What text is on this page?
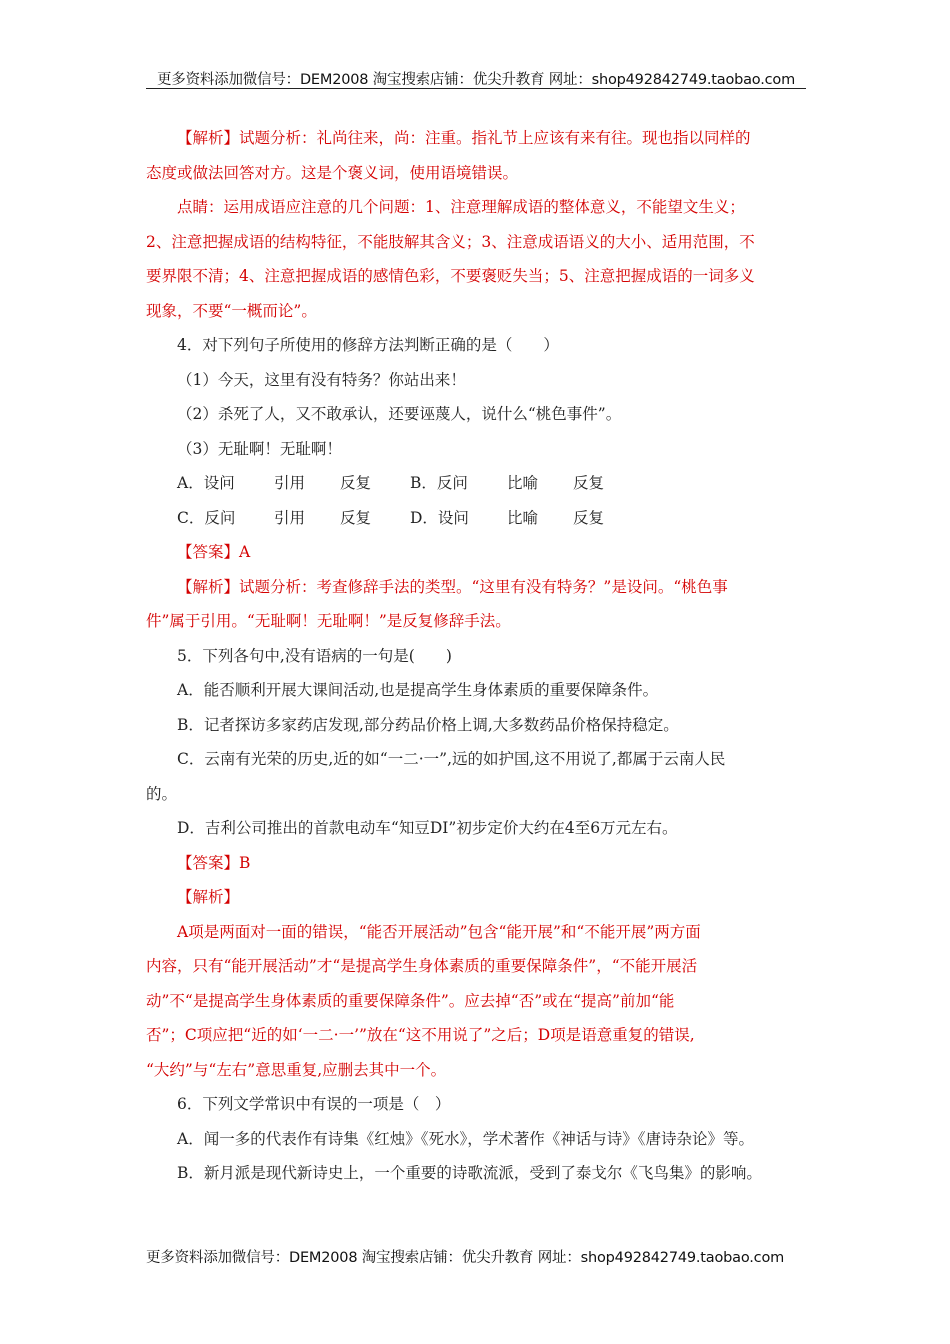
更多资料添加微信号：DEM2008 淘宝搜索店铺：优尖升教育 网址：shop492842749.taobao.com
【解析】试题分析：礼尚往来，尚：注重。指礼节上应该有来有往。现也指以同样的
态度或做法回答对方。这是个褒义词，使用语境错误。
点睛：运用成语应注意的几个问题：1、注意理解成语的整体意义，不能望文生义；
2、注意把握成语的结构特征，不能肢解其含义；3、注意成语语义的大小、适用范围，不
要界限不清；4、注意把握成语的感情色彩，不要褒贬失当；5、注意把握成语的一词多义
现象，不要“一概而论”。
4．对下列句子所使用的修辞方法判断正确的是（　　）
（1）今天，这里有没有特务？你站出来！
（2）杀死了人，又不敢承认，还要诬蔑人，说什么“桃色事件”。
（3）无耻啊！无耻啊！
A．设问	引用 反复	B．反问	比喻 反复
C．反问 引用 反复	D．设问 比喻 反复
【答案】A
【解析】试题分析：考查修辞手法的类型。“这里有没有特务？”是设问。“桃色事
件”属于引用。“无耻啊！无耻啊！”是反复修辞手法。
5．下列各句中,没有语病的一句是(　　)
A．能否顺利开展大课间活动,也是提高学生身体素质的重要保障条件。
B．记者探访多家药店发现,部分药品价格上调,大多数药品价格保持稳定。
C．云南有光荣的历史,近的如“一二·一”,远的如护国,这不用说了,都属于云南人民
的。
D．吉利公司推出的首款电动车“知豆DI”初步定价大约在4至6万元左右。
【答案】B
【解析】
A项是两面对一面的错误，“能否开展活动”包含“能开展”和“不能开展”两方面
内容，只有“能开展活动”才“是提高学生身体素质的重要保障条件”，“不能开展活
动”不“是提高学生身体素质的重要保障条件”。应去掉“否”或在“提高”前加“能
否”；C项应把“近的如‘一二·一’”放在“这不用说了”之后；D项是语意重复的错误,
“大约”与“左右”意思重复,应删去其中一个。
6．下列文学常识中有误的一项是（　）
A．闻一多的代表作有诗集《红烛》《死水》，学术著作《神话与诗》《唐诗杂论》等。
B．新月派是现代新诗史上，一个重要的诗歌流派，受到了泰戈尔《飞鸟集》的影响。
更多资料添加微信号：DEM2008 淘宝搜索店铺：优尖升教育 网址：shop492842749.taobao.com
